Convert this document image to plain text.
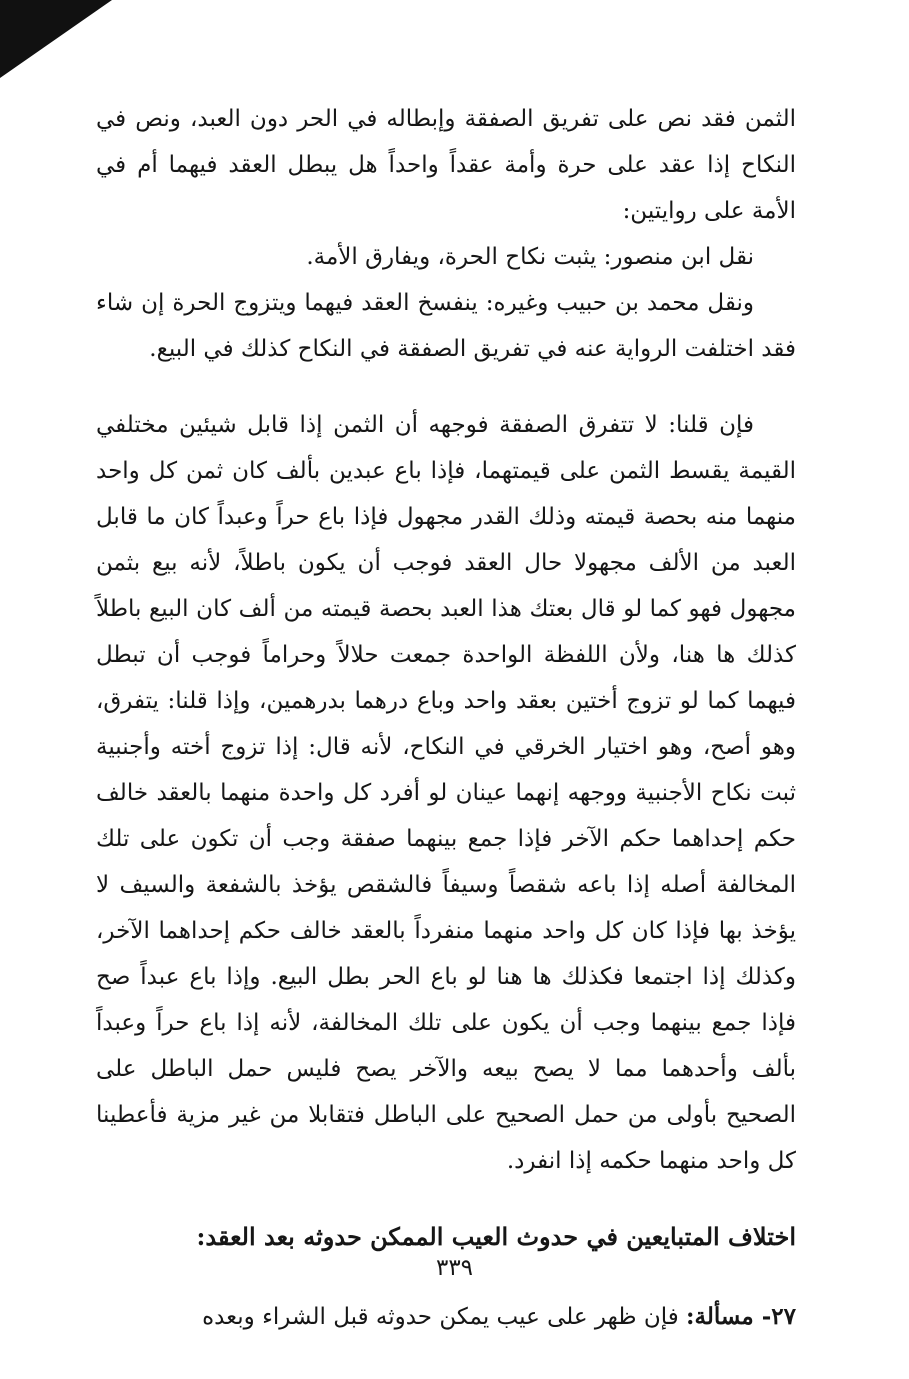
الثمن فقد نص على تفريق الصفقة وإبطاله في الحر دون العبد، ونص في النكاح إذا عقد على حرة وأمة عقداً واحداً هل يبطل العقد فيهما أم في الأمة على روايتين:

نقل ابن منصور: يثبت نكاح الحرة، ويفارق الأمة.

ونقل محمد بن حبيب وغيره: ينفسخ العقد فيهما ويتزوج الحرة إن شاء فقد اختلفت الرواية عنه في تفريق الصفقة في النكاح كذلك في البيع.

فإن قلنا: لا تتفرق الصفقة فوجهه أن الثمن إذا قابل شيئين مختلفي القيمة يقسط الثمن على قيمتهما، فإذا باع عبدين بألف كان ثمن كل واحد منهما منه بحصة قيمته وذلك القدر مجهول فإذا باع حراً وعبداً كان ما قابل العبد من الألف مجهولا حال العقد فوجب أن يكون باطلاً، لأنه بيع بثمن مجهول فهو كما لو قال بعتك هذا العبد بحصة قيمته من ألف كان البيع باطلاً كذلك ها هنا، ولأن اللفظة الواحدة جمعت حلالاً وحراماً فوجب أن تبطل فيهما كما لو تزوج أختين بعقد واحد وباع درهما بدرهمين، وإذا قلنا: يتفرق، وهو أصح، وهو اختيار الخرقي في النكاح، لأنه قال: إذا تزوج أخته وأجنبية ثبت نكاح الأجنبية ووجهه إنهما عينان لو أفرد كل واحدة منهما بالعقد خالف حكم إحداهما حكم الآخر فإذا جمع بينهما صفقة وجب أن تكون على تلك المخالفة أصله إذا باعه شقصاً وسيفاً فالشقص يؤخذ بالشفعة والسيف لا يؤخذ بها فإذا كان كل واحد منهما منفرداً بالعقد خالف حكم إحداهما الآخر، وكذلك إذا اجتمعا فكذلك ها هنا لو باع الحر بطل البيع. وإذا باع عبداً صح فإذا جمع بينهما وجب أن يكون على تلك المخالفة، لأنه إذا باع حراً وعبداً بألف وأحدهما مما لا يصح بيعه والآخر يصح فليس حمل الباطل على الصحيح بأولى من حمل الصحيح على الباطل فتقابلا من غير مزية فأعطينا كل واحد منهما حكمه إذا انفرد.

اختلاف المتبايعين في حدوث العيب الممكن حدوثه بعد العقد:

٢٧- مسألة: فإن ظهر على عيب يمكن حدوثه قبل الشراء وبعده

٣٣٩
